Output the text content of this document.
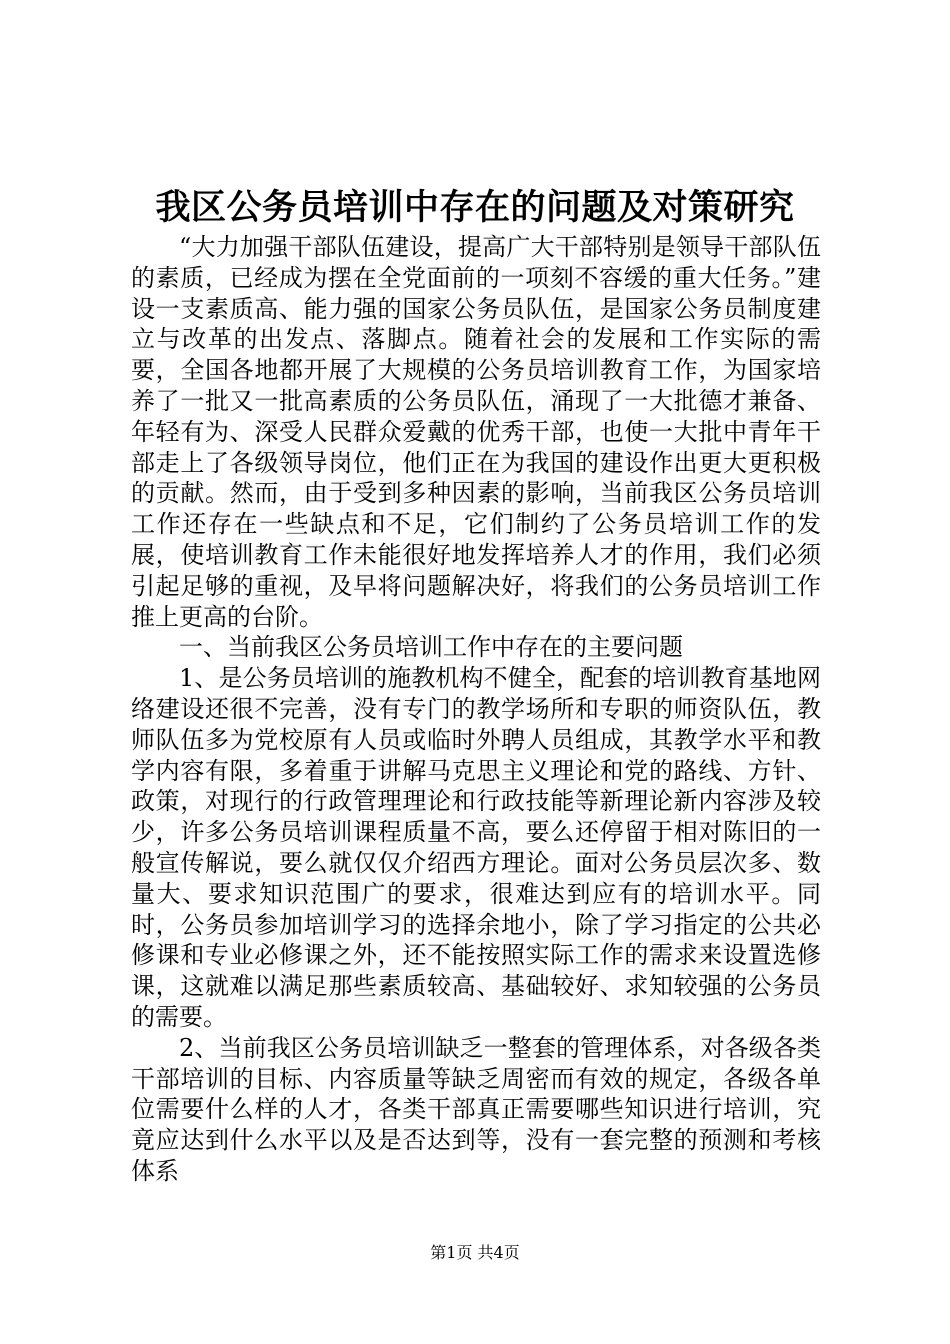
我区公务员培训中存在的问题及对策研究

“大力加强干部队伍建设，提高广大干部特别是领导干部队伍的素质，已经成为摆在全党面前的一项刻不容缓的重大任务。”建设一支素质高、能力强的国家公务员队伍，是国家公务员制度建立与改革的出发点、落脚点。随着社会的发展和工作实际的需要，全国各地都开展了大规模的公务员培训教育工作，为国家培养了一批又一批高素质的公务员队伍，涌现了一大批德才兼备、年轻有为、深受人民群众爱戴的优秀干部，也使一大批中青年干部走上了各级领导岗位，他们正在为我国的建设作出更大更积极的贡献。然而，由于受到多种因素的影响，当前我区公务员培训工作还存在一些缺点和不足，它们制约了公务员培训工作的发展，使培训教育工作未能很好地发挥培养人才的作用，我们必须引起足够的重视，及早将问题解决好，将我们的公务员培训工作推上更高的台阶。

一、当前我区公务员培训工作中存在的主要问题

1、是公务员培训的施教机构不健全，配套的培训教育基地网络建设还很不完善，没有专门的教学场所和专职的师资队伍，教师队伍多为党校原有人员或临时外聘人员组成，其教学水平和教学内容有限，多着重于讲解马克思主义理论和党的路线、方针、政策，对现行的行政管理理论和行政技能等新理论新内容涉及较少，许多公务员培训课程质量不高，要么还停留于相对陈旧的一般宣传解说，要么就仅仅介绍西方理论。面对公务员层次多、数量大、要求知识范围广的要求，很难达到应有的培训水平。同时，公务员参加培训学习的选择余地小，除了学习指定的公共必修课和专业必修课之外，还不能按照实际工作的需求来设置选修课，这就难以满足那些素质较高、基础较好、求知较强的公务员的需要。

2、当前我区公务员培训缺乏一整套的管理体系，对各级各类干部培训的目标、内容质量等缺乏周密而有效的规定，各级各单位需要什么样的人才，各类干部真正需要哪些知识进行培训，究竟应达到什么水平以及是否达到等，没有一套完整的预测和考核体系

第1页 共4页
